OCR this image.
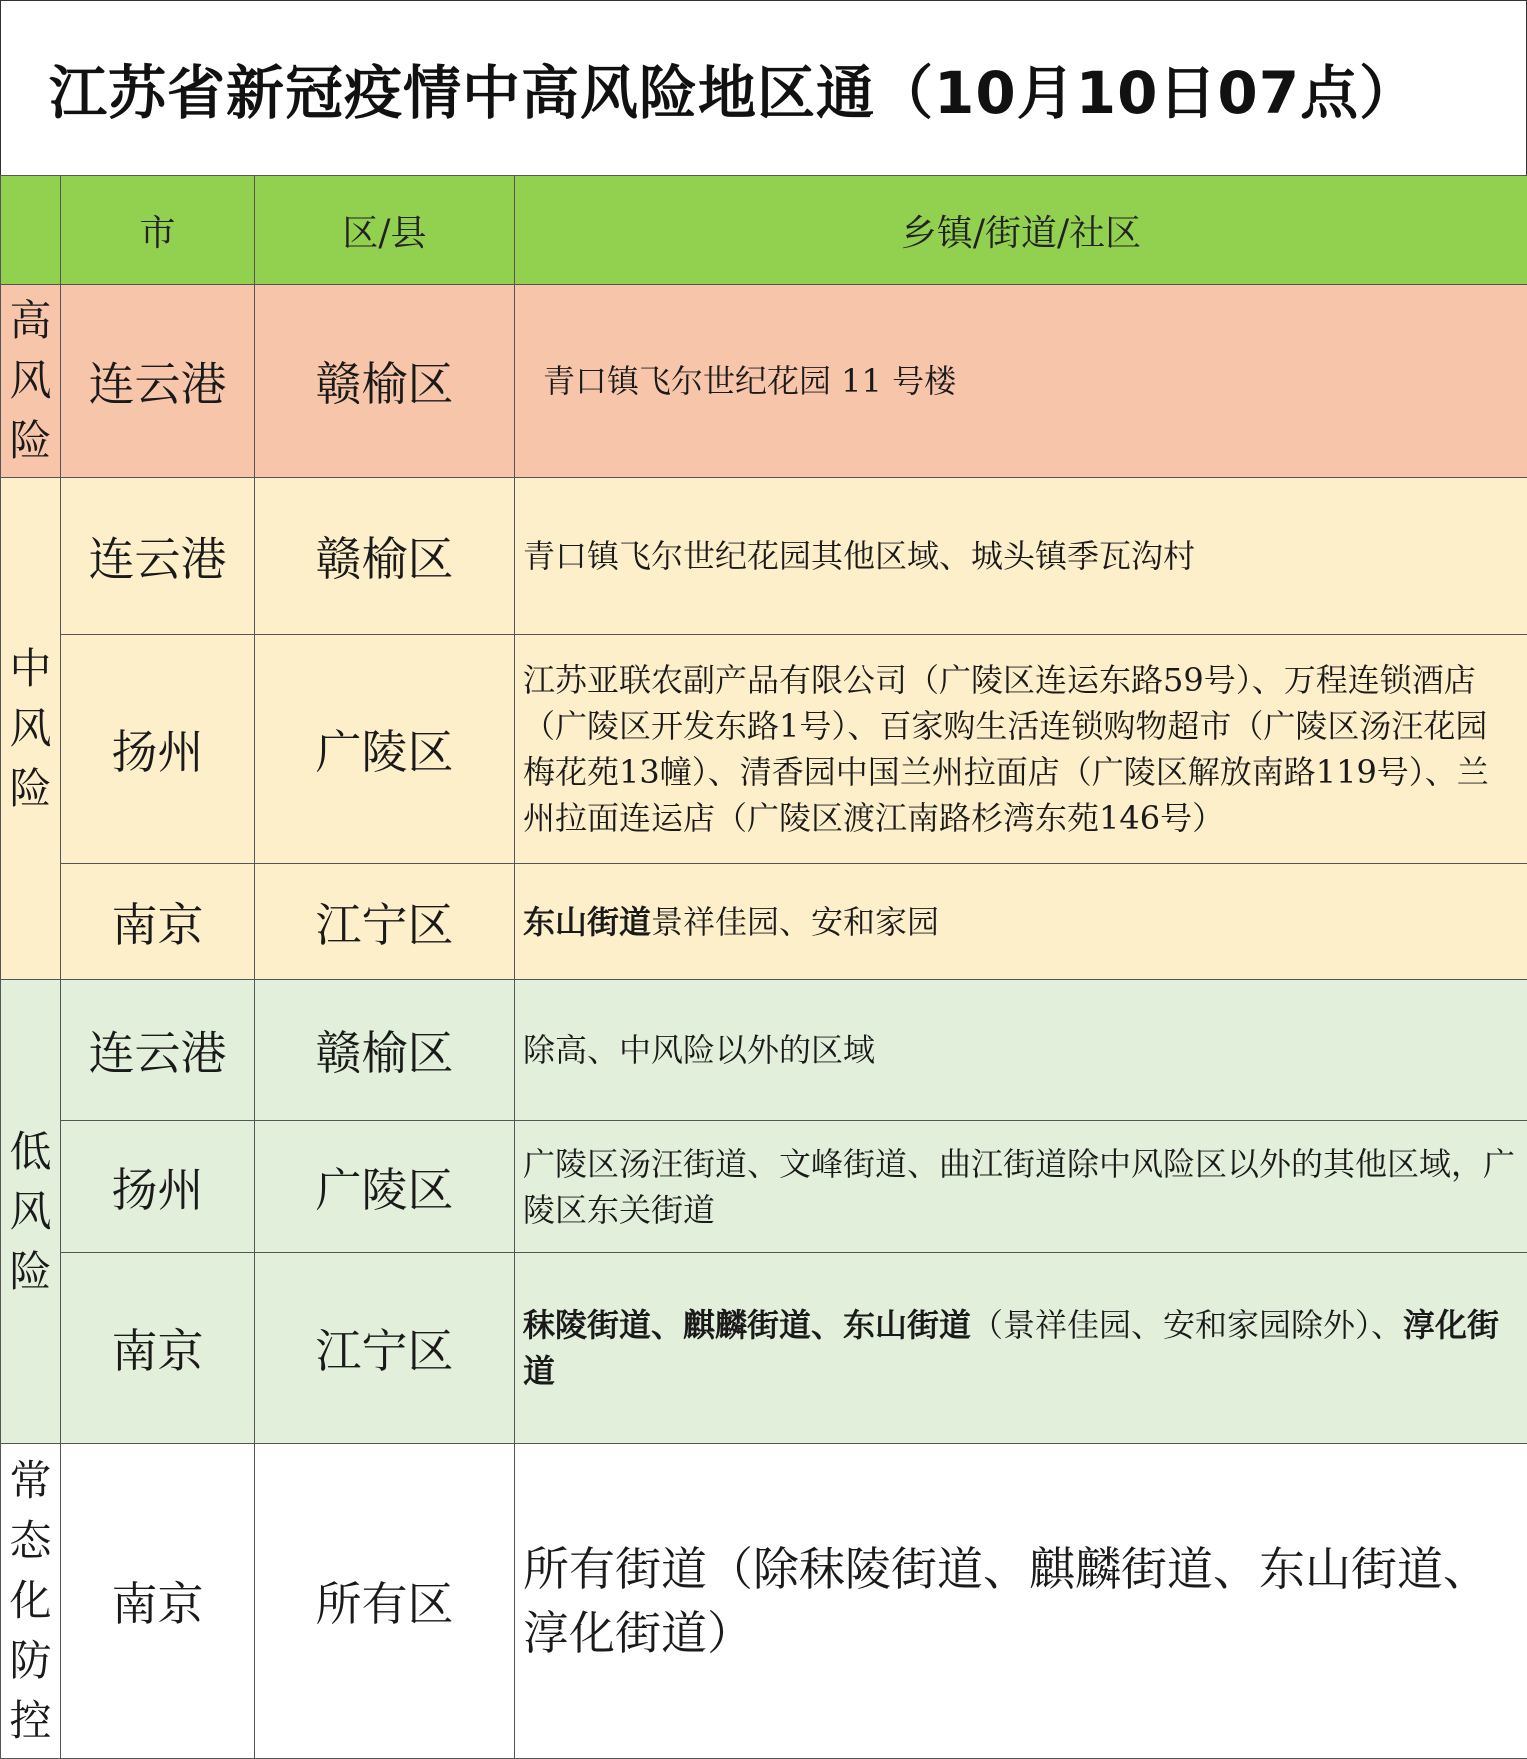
江苏省新冠疫情中高风险地区通（10月10日07点）
	市	区/县	乡镇/街道/社区

高
风
险	连云港	赣榆区	青口镇飞尔世纪花园 11 号楼

中
风
险	连云港	赣榆区	青口镇飞尔世纪花园其他区域、城头镇季瓦沟村
	扬州	广陵区	江苏亚联农副产品有限公司（广陵区连运东路59号）、万程连锁酒店（广陵区开发东路1号）、百家购生活连锁购物超市（广陵区汤汪花园梅花苑13幢）、清香园中国兰州拉面店（广陵区解放南路119号）、兰州拉面连运店（广陵区渡江南路杉湾东苑146号）
	南京	江宁区	东山街道景祥佳园、安和家园

低
风
险	连云港	赣榆区	除高、中风险以外的区域
	扬州	广陵区	广陵区汤汪街道、文峰街道、曲江街道除中风险区以外的其他区域，广陵区东关街道
	南京	江宁区	秣陵街道、麒麟街道、东山街道（景祥佳园、安和家园除外）、淳化街道

常
态
化
防
控	南京	所有区	所有街道（除秣陵街道、麒麟街道、东山街道、淳化街道）
